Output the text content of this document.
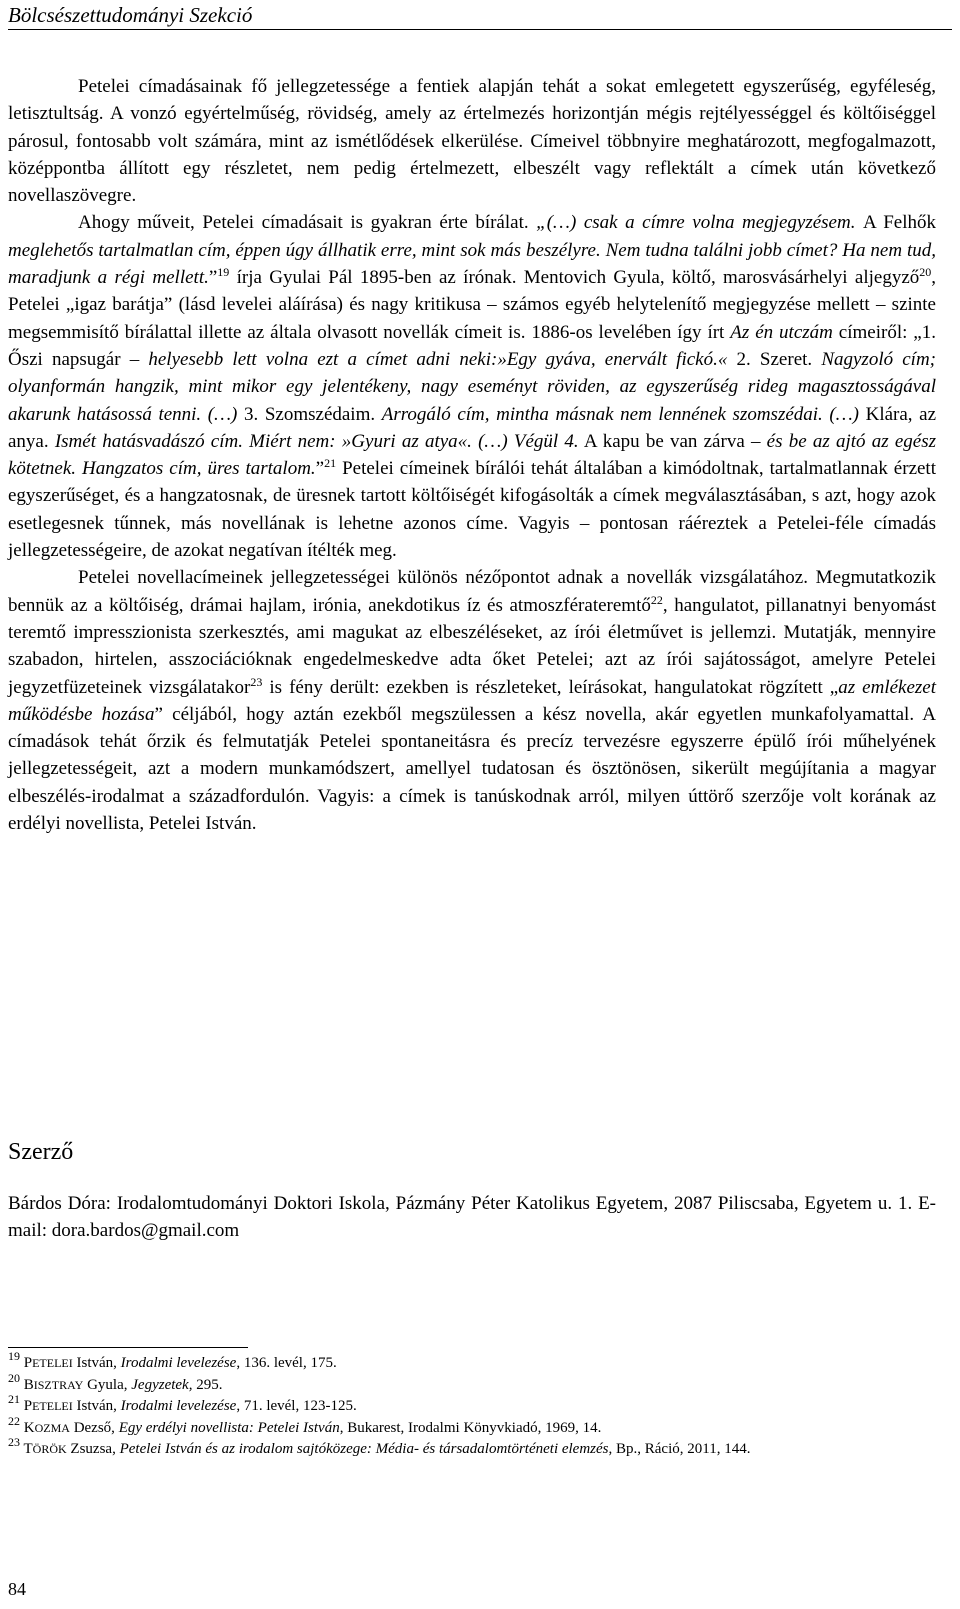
Bölcsészettudományi Szekció

Petelei címadásainak fő jellegzetessége a fentiek alapján tehát a sokat emlegetett egyszerűség, egyféleség, letisztultság. A vonzó egyértelműség, rövidség, amely az értelmezés horizontján mégis rejtélyességgel és költőiséggel párosul, fontosabb volt számára, mint az ismétlődések elkerülése. Címeivel többnyire meghatározott, megfogalmazott, középpontba állított egy részletet, nem pedig értelmezett, elbeszélt vagy reflektált a címek után következő novellaszövegre.

Ahogy műveit, Petelei címadásait is gyakran érte bírálat. „(…) csak a címre volna megjegyzésem. A Felhők meglehetős tartalmatlan cím, éppen úgy állhatik erre, mint sok más beszélyre. Nem tudna találni jobb címet? Ha nem tud, maradjunk a régi mellett.”$^{19}$ írja Gyulai Pál 1895-ben az írónak. Mentovich Gyula, költő, marosvásárhelyi aljegyző$^{20}$, Petelei „igaz barátja” (lásd levelei aláírása) és nagy kritikusa – számos egyéb helytelenítő megjegyzése mellett – szinte megsemmisítő bírálattal illette az általa olvasott novellák címeit is. 1886-os levelében így írt Az én utczám címeiről: „1. Őszi napsugár – helyesebb lett volna ezt a címet adni neki:»Egy gyáva, enervált fickó.« 2. Szeret. Nagyzoló cím; olyanformán hangzik, mint mikor egy jelentékeny, nagy eseményt röviden, az egyszerűség rideg magasztosságával akarunk hatásossá tenni. (…) 3. Szomszédaim. Arrogáló cím, mintha másnak nem lennének szomszédai. (…) Klára, az anya. Ismét hatásvadászó cím. Miért nem: »Gyuri az atya«. (…) Végül 4. A kapu be van zárva – és be az ajtó az egész kötetnek. Hangzatos cím, üres tartalom.”$^{21}$ Petelei címeinek bírálói tehát általában a kimódoltnak, tartalmatlannak érzett egyszerűséget, és a hangzatosnak, de üresnek tartott költőiségét kifogásolták a címek megválasztásában, s azt, hogy azok esetlegesnek tűnnek, más novellának is lehetne azonos címe. Vagyis – pontosan ráéreztek a Petelei-féle címadás jellegzetességeire, de azokat negatívan ítélték meg.

Petelei novellacímeinek jellegzetességei különös nézőpontot adnak a novellák vizsgálatához. Megmutatkozik bennük az a költőiség, drámai hajlam, irónia, anekdotikus íz és atmoszférateremtő$^{22}$, hangulatot, pillanatnyi benyomást teremtő impresszionista szerkesztés, ami magukat az elbeszéléseket, az írói életművet is jellemzi. Mutatják, mennyire szabadon, hirtelen, asszociációknak engedelmeskedve adta őket Petelei; azt az írói sajátosságot, amelyre Petelei jegyzetfüzeteinek vizsgálatakor$^{23}$ is fény derült: ezekben is részleteket, leírásokat, hangulatokat rögzített „az emlékezet működésbe hozása” céljából, hogy aztán ezekből megszülessen a kész novella, akár egyetlen munkafolyamattal. A címadások tehát őrzik és felmutatják Petelei spontaneitásra és precíz tervezésre egyszerre épülő írói műhelyének jellegzetességeit, azt a modern munkamódszert, amellyel tudatosan és ösztönösen, sikerült megújítania a magyar elbeszélés-irodalmat a századfordulón. Vagyis: a címek is tanúskodnak arról, milyen úttörő szerzője volt korának az erdélyi novellista, Petelei István.

Szerző

Bárdos Dóra: Irodalomtudományi Doktori Iskola, Pázmány Péter Katolikus Egyetem, 2087 Piliscsaba, Egyetem u. 1. E-mail: dora.bardos@gmail.com

$^{19}$ PETELEI István, Irodalmi levelezése, 136. levél, 175.
$^{20}$ BISZTRAY Gyula, Jegyzetek, 295.
$^{21}$ PETELEI István, Irodalmi levelezése, 71. levél, 123-125.
$^{22}$ KOZMA Dezső, Egy erdélyi novellista: Petelei István, Bukarest, Irodalmi Könyvkiadó, 1969, 14.
$^{23}$ TÖRÖK Zsuzsa, Petelei István és az irodalom sajtóközege: Média- és társadalomtörténeti elemzés, Bp., Ráció, 2011, 144.
84
